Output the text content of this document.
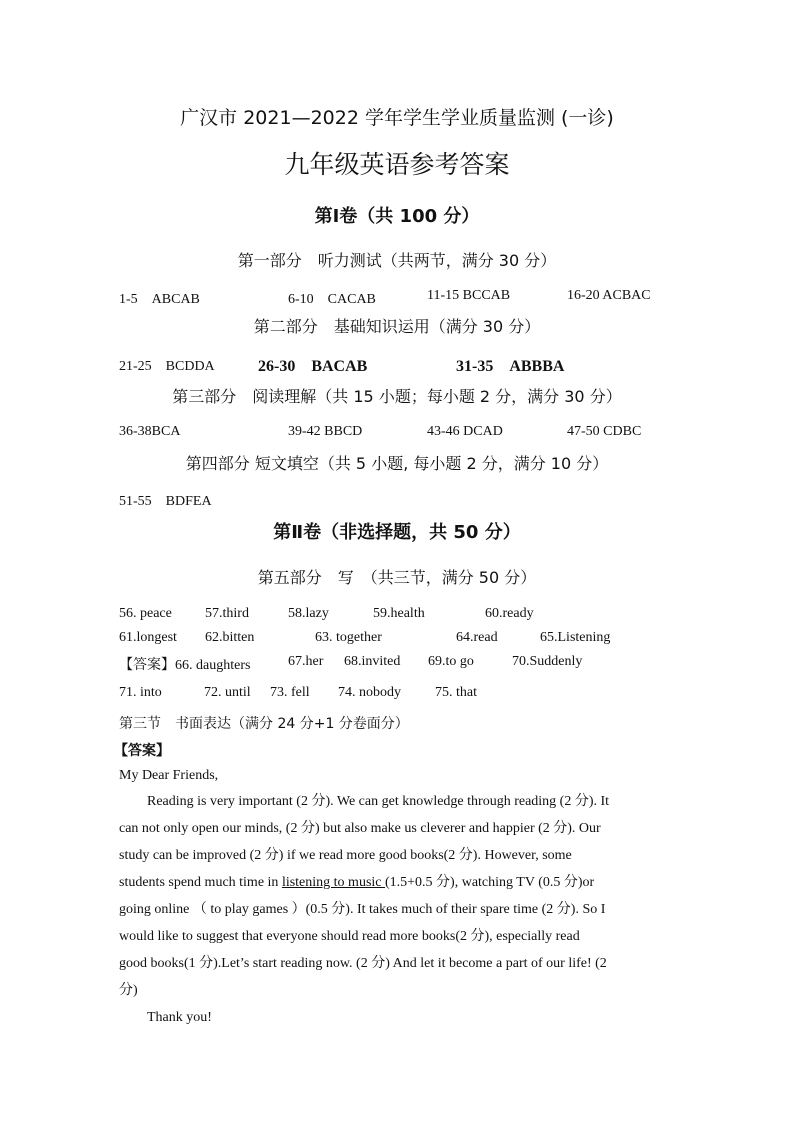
广汉市 2021—2022 学年学生学业质量监测 (一诊)
九年级英语参考答案
第Ⅰ卷（共 100 分）
第一部分　听力测试（共两节，满分 30 分）
1-5　ABCAB	6-10　CACAB	11-15 BCCAB	16-20 ACBAC
第二部分　基础知识运用（满分 30 分）
21-25　BCDDA	26-30　BACAB	31-35　ABBBA
第三部分　阅读理解（共 15 小题；每小题 2 分，满分 30 分）
36-38BCA	39-42 BBCD	43-46 DCAD	47-50 CDBC
第四部分 短文填空（共 5 小题, 每小题 2 分，满分 10 分）
51-55　BDFEA
第Ⅱ卷（非选择题，共 50 分）
第五部分　写　（共三节，满分 50 分）
56. peace 57.third	58.lazy	59.health	60.ready
61.longest 62.bitten	63. together	64.read	65.Listening
【答案】66. daughters	67.her 68.invited 69.to go	70.Suddenly
71. into	72. until 73. fell 74. nobody 75. that
第三节　书面表达（满分 24 分+1 分卷面分）
【答案】
My Dear Friends,
Reading is very important (2 分). We can get knowledge through reading (2 分). It
can not only open our minds, (2 分) but also make us cleverer and happier (2 分). Our
study can be improved (2 分) if we read more good books(2 分). However, some
students spend much time in listening to music (1.5+0.5 分), watching TV (0.5 分)or
going online （ to play games ）(0.5 分). It takes much of their spare time (2 分). So I
would like to suggest that everyone should read more books(2 分), especially read
good books(1 分).Let’s start reading now. (2 分) And let it become a part of our life! (2
分)
Thank you!
